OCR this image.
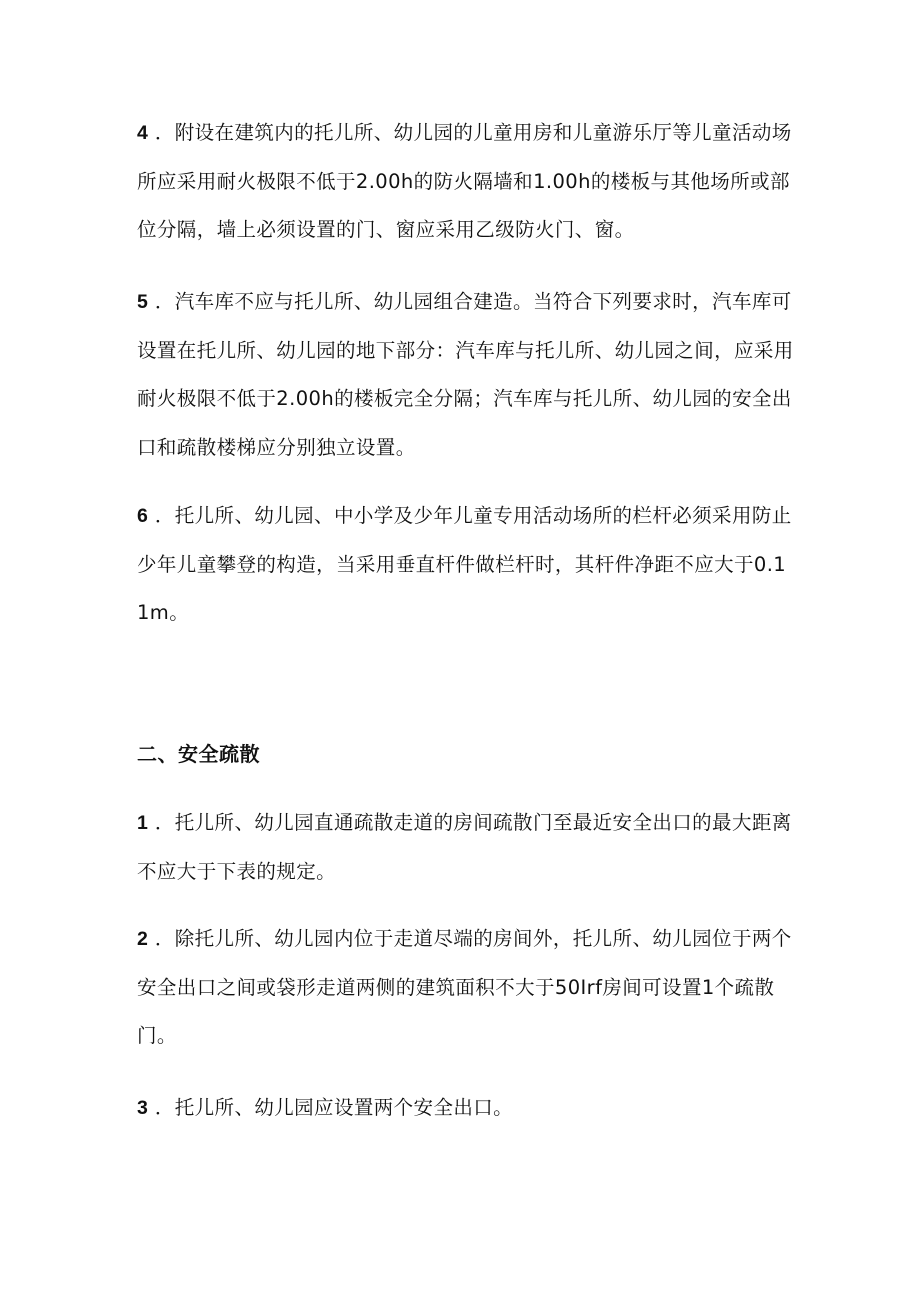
4 ．附设在建筑内的托儿所、幼儿园的儿童用房和儿童游乐厅等儿童活动场所应采用耐火极限不低于2.00h的防火隔墙和1.00h的楼板与其他场所或部位分隔，墙上必须设置的门、窗应采用乙级防火门、窗。

5 ．汽车库不应与托儿所、幼儿园组合建造。当符合下列要求时，汽车库可设置在托儿所、幼儿园的地下部分：汽车库与托儿所、幼儿园之间，应采用耐火极限不低于2.00h的楼板完全分隔；汽车库与托儿所、幼儿园的安全出口和疏散楼梯应分别独立设置。

6 ．托儿所、幼儿园、中小学及少年儿童专用活动场所的栏杆必须采用防止少年儿童攀登的构造，当采用垂直杆件做栏杆时，其杆件净距不应大于0.11m。

二、安全疏散

1 ．托儿所、幼儿园直通疏散走道的房间疏散门至最近安全出口的最大距离不应大于下表的规定。

2 ．除托儿所、幼儿园内位于走道尽端的房间外，托儿所、幼儿园位于两个安全出口之间或袋形走道两侧的建筑面积不大于50Irf房间可设置1个疏散门。

3 ．托儿所、幼儿园应设置两个安全出口。
